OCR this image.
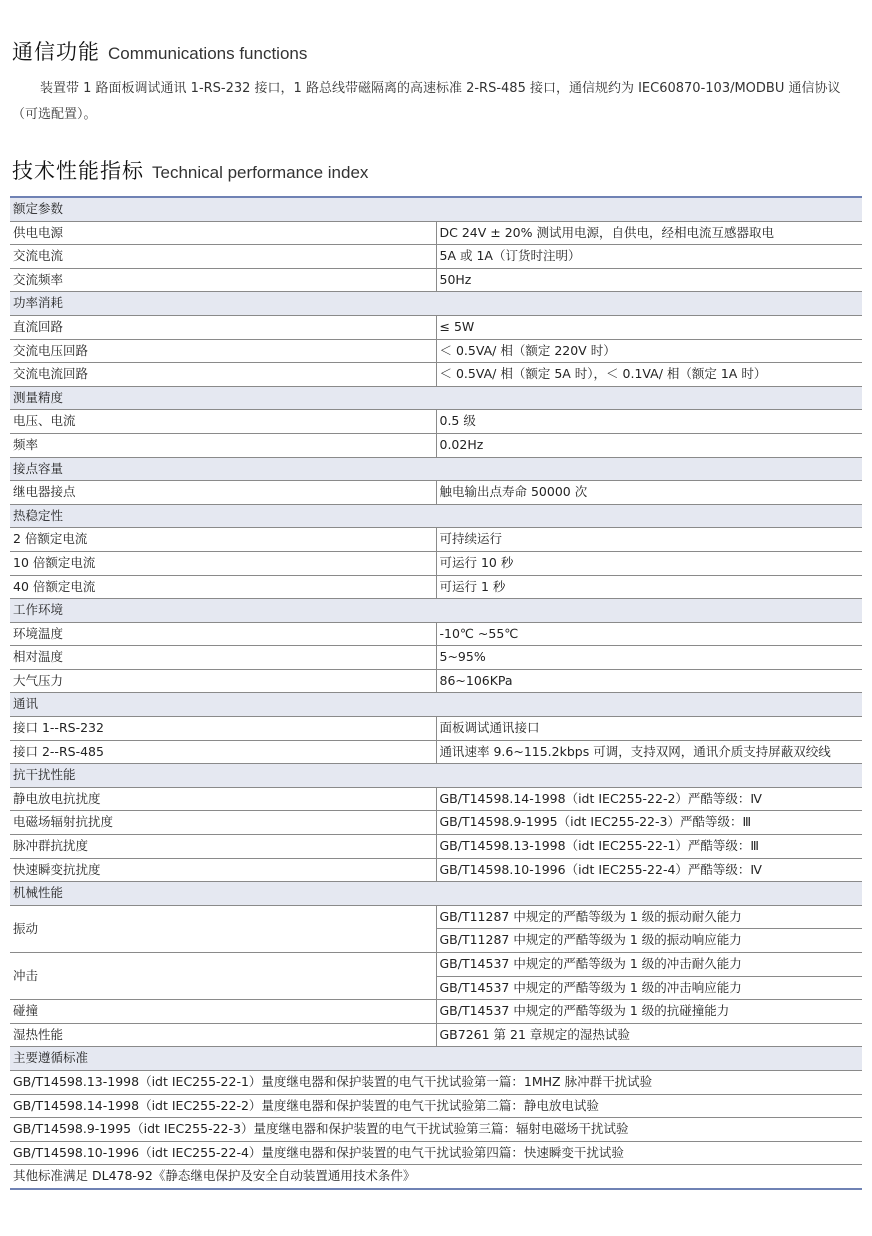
通信功能 Communications functions

装置带 1 路面板调试通讯 1-RS-232 接口，1 路总线带磁隔离的高速标准 2-RS-485 接口，通信规约为 IEC60870-103/MODBU 通信协议（可选配置）。

技术性能指标 Technical performance index
额定参数	
供电电源	DC 24V ± 20% 测试用电源，自供电，经相电流互感器取电
交流电流	5A 或 1A（订货时注明）
交流频率	50Hz
功率消耗	
直流回路	≤ 5W
交流电压回路	＜ 0.5VA/ 相（额定 220V 时）
交流电流回路	＜ 0.5VA/ 相（额定 5A 时），＜ 0.1VA/ 相（额定 1A 时）
测量精度	
电压、电流	0.5 级
频率	0.02Hz
接点容量	
继电器接点	触电输出点寿命 50000 次
热稳定性	
2 倍额定电流	可持续运行
10 倍额定电流	可运行 10 秒
40 倍额定电流	可运行 1 秒
工作环境	
环境温度	-10℃ ~55℃
相对温度	5~95%
大气压力	86~106KPa
通讯	
接口 1--RS-232	面板调试通讯接口
接口 2--RS-485	通讯速率 9.6~115.2kbps 可调，支持双网，通讯介质支持屏蔽双绞线
抗干扰性能	
静电放电抗扰度	GB/T14598.14-1998（idt IEC255-22-2）严酷等级：Ⅳ
电磁场辐射抗扰度	GB/T14598.9-1995（idt IEC255-22-3）严酷等级：Ⅲ
脉冲群抗扰度	GB/T14598.13-1998（idt IEC255-22-1）严酷等级：Ⅲ
快速瞬变抗扰度	GB/T14598.10-1996（idt IEC255-22-4）严酷等级：Ⅳ
机械性能	
振动	GB/T11287 中规定的严酷等级为 1 级的振动耐久能力
	GB/T11287 中规定的严酷等级为 1 级的振动响应能力
冲击	GB/T14537 中规定的严酷等级为 1 级的冲击耐久能力
	GB/T14537 中规定的严酷等级为 1 级的冲击响应能力
碰撞	GB/T14537 中规定的严酷等级为 1 级的抗碰撞能力
湿热性能	GB7261 第 21 章规定的湿热试验
主要遵循标准	
GB/T14598.13-1998（idt IEC255-22-1）量度继电器和保护装置的电气干扰试验第一篇：1MHZ 脉冲群干扰试验	
GB/T14598.14-1998（idt IEC255-22-2）量度继电器和保护装置的电气干扰试验第二篇：静电放电试验	
GB/T14598.9-1995（idt IEC255-22-3）量度继电器和保护装置的电气干扰试验第三篇：辐射电磁场干扰试验	
GB/T14598.10-1996（idt IEC255-22-4）量度继电器和保护装置的电气干扰试验第四篇：快速瞬变干扰试验	
其他标准满足 DL478-92《静态继电保护及安全自动装置通用技术条件》	
